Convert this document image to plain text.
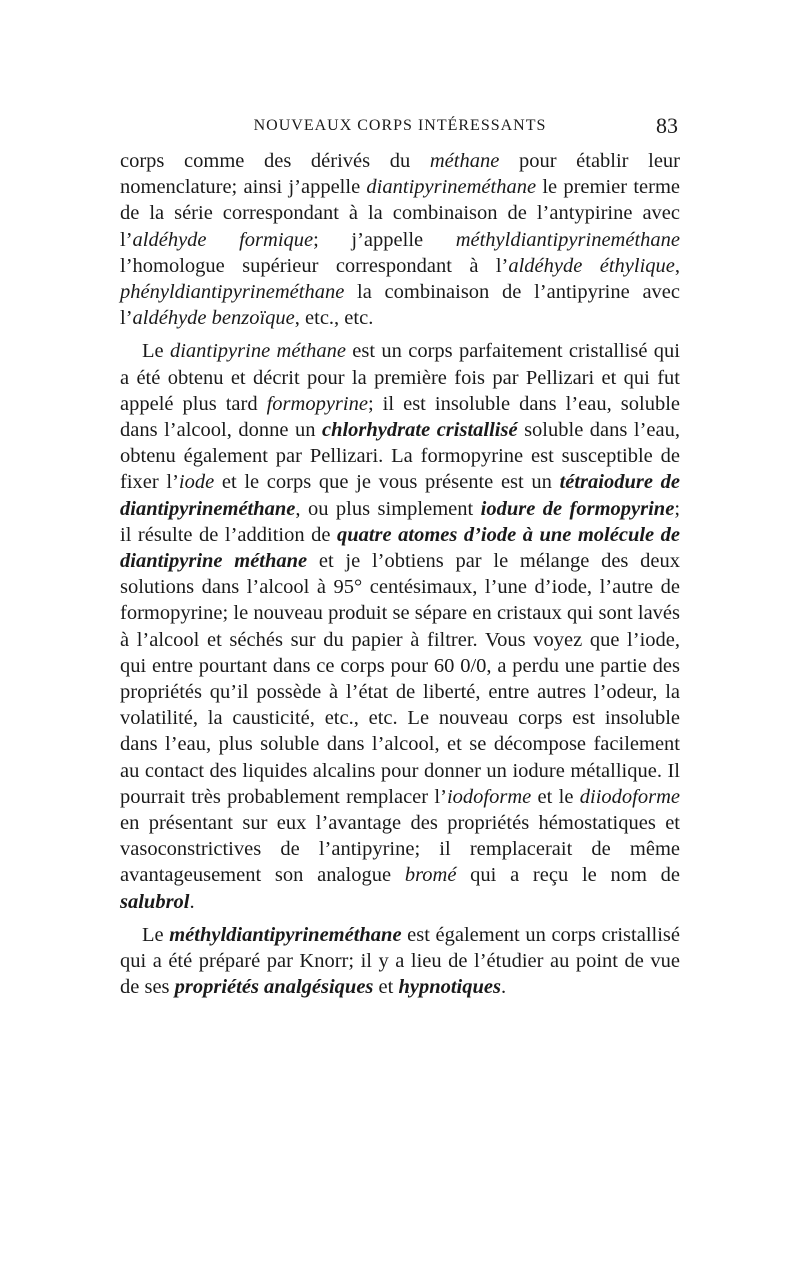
NOUVEAUX CORPS INTÉRESSANTS	83

corps comme des dérivés du méthane pour établir leur nomenclature; ainsi j’appelle diantipyrineméthane le premier terme de la série correspondant à la combinaison de l’antypirine avec l’aldéhyde formique; j’appelle méthyldiantipyrineméthane l’homologue supérieur correspondant à l’aldéhyde éthylique, phényldiantipyrineméthane la combinaison de l’antipyrine avec l’aldéhyde benzoïque, etc., etc.

Le diantipyrine méthane est un corps parfaitement cristallisé qui a été obtenu et décrit pour la première fois par Pellizari et qui fut appelé plus tard formopyrine; il est insoluble dans l’eau, soluble dans l’alcool, donne un chlorhydrate cristallisé soluble dans l’eau, obtenu également par Pellizari. La formopyrine est susceptible de fixer l’iode et le corps que je vous présente est un tétraiodure de diantipyrineméthane, ou plus simplement iodure de formopyrine; il résulte de l’addition de quatre atomes d’iode à une molécule de diantipyrine méthane et je l’obtiens par le mélange des deux solutions dans l’alcool à 95° centésimaux, l’une d’iode, l’autre de formopyrine; le nouveau produit se sépare en cristaux qui sont lavés à l’alcool et séchés sur du papier à filtrer. Vous voyez que l’iode, qui entre pourtant dans ce corps pour 60 0/0, a perdu une partie des propriétés qu’il possède à l’état de liberté, entre autres l’odeur, la volatilité, la causticité, etc., etc. Le nouveau corps est insoluble dans l’eau, plus soluble dans l’alcool, et se décompose facilement au contact des liquides alcalins pour donner un iodure métallique. Il pourrait très probablement remplacer l’iodoforme et le diiodoforme en présentant sur eux l’avantage des propriétés hémostatiques et vasoconstrictives de l’antipyrine; il remplacerait de même avantageusement son analogue bromé qui a reçu le nom de salubrol.

Le méthyldiantipyrineméthane est également un corps cristallisé qui a été préparé par Knorr; il y a lieu de l’étudier au point de vue de ses propriétés analgésiques et hypnotiques.
